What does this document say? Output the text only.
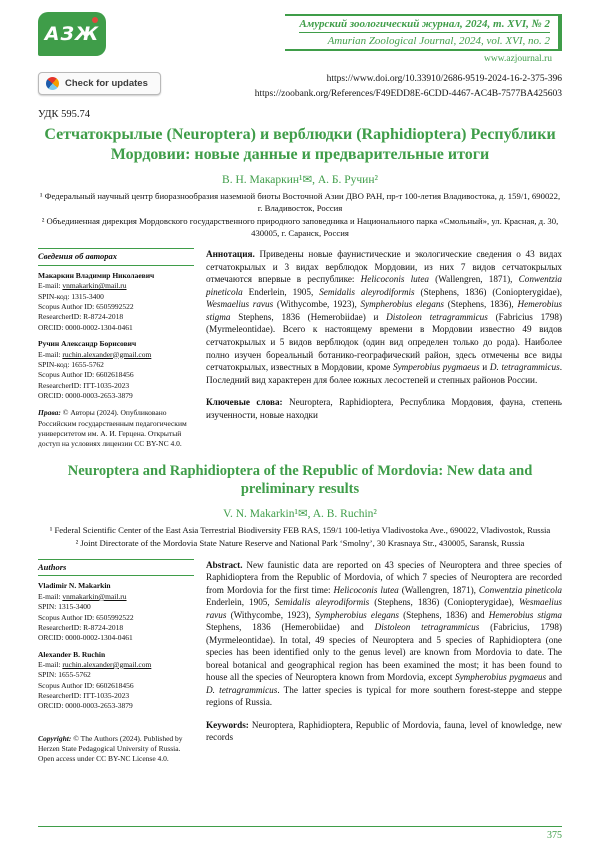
АЗЖ	Амурский зоологический журнал, 2024, т. XVI, № 2
Amurian Zoological Journal, 2024, vol. XVI, no. 2
www.azjournal.ru
Check for updates	https://www.doi.org/10.33910/2686-9519-2024-16-2-375-396
https://zoobank.org/References/F49EDD8E-6CDD-4467-AC4B-7577BA425603
УДК 595.74
Сетчатокрылые (Neuroptera) и верблюдки (Raphidioptera) Республики Мордовии: новые данные и предварительные итоги
В. Н. Макаркин¹✉, А. Б. Ручин²

¹ Федеральный научный центр биоразнообразия наземной биоты Восточной Азии ДВО РАН, пр-т 100-летия Владивостока, д. 159/1, 690022, г. Владивосток, Россия

² Объединенная дирекция Мордовского государственного природного заповедника и Национального парка «Смольный», ул. Красная, д. 30, 430005, г. Саранск, Россия

Сведения об авторах
Макаркин Владимир Николаевич
E-mail: vnmakarkin@mail.ru
SPIN-код: 1315-3400
Scopus Author ID: 6505992522
ResearcherID: R-8724-2018
ORCID: 0000-0002-1304-0461
Ручин Александр Борисович
E-mail: ruchin.alexander@gmail.com
SPIN-код: 1655-5762
Scopus Author ID: 6602618456
ResearcherID: ITT-1035-2023
ORCID: 0000-0003-2653-3879

Права: © Авторы (2024). Опубликовано Российским государственным педагогическим университетом им. А. И. Герцена. Открытый доступ на условиях лицензии CC BY-NC 4.0.

Аннотация. Приведены новые фаунистические и экологические сведения о 43 видах сетчатокрылых и 3 видах верблюдок Мордовии, из них 7 видов сетчатокрылых отмечаются впервые в республике: Helicoconis lutea (Wallengren, 1871), Conwentzia pineticola Enderlein, 1905, Semidalis aleyrodiformis (Stephens, 1836) (Coniopterygidae), Wesmaelius ravus (Withycombe, 1923), Sympherobius elegans (Stephens, 1836), Hemerobius stigma Stephens, 1836 (Hemerobiidae) и Distoleon tetragrammicus (Fabricius 1798) (Myrmeleontidae). Всего к настоящему времени в Мордовии известно 49 видов сетчатокрылых и 5 видов верблюдок (один вид определен только до рода). Наиболее полно изучен бореальный ботанико-географический район, здесь отмечены все виды сетчатокрылых, известных в Мордовии, кроме Symperobius pygmaeus и D. tetragrammicus. Последний вид характерен для более южных лесостепей и степных районов России.

Ключевые слова: Neuroptera, Raphidioptera, Республика Мордовия, фауна, степень изученности, новые находки

Neuroptera and Raphidioptera of the Republic of Mordovia: New data and preliminary results
V. N. Makarkin¹✉, A. B. Ruchin²

¹ Federal Scientific Center of the East Asia Terrestrial Biodiversity FEB RAS, 159/1 100-letiya Vladivostoka Ave., 690022, Vladivostok, Russia

² Joint Directorate of the Mordovia State Nature Reserve and National Park ‘Smolny’, 30 Krasnaya Str., 430005, Saransk, Russia

Authors
Vladimir N. Makarkin
E-mail: vnmakarkin@mail.ru
SPIN: 1315-3400
Scopus Author ID: 6505992522
ResearcherID: R-8724-2018
ORCID: 0000-0002-1304-0461
Alexander B. Ruchin
E-mail: ruchin.alexander@gmail.com
SPIN: 1655-5762
Scopus Author ID: 6602618456
ResearcherID: ITT-1035-2023
ORCID: 0000-0003-2653-3879

Copyright: © The Authors (2024). Published by Herzen State Pedagogical University of Russia. Open access under CC BY-NC License 4.0.

Abstract. New faunistic data are reported on 43 species of Neuroptera and three species of Raphidioptera from the Republic of Mordovia, of which 7 species of Neuroptera are recorded from Mordovia for the first time: Helicoconis lutea (Wallengren, 1871), Conwentzia pineticola Enderlein, 1905, Semidalis aleyrodiformis (Stephens, 1836) (Coniopterygidae), Wesmaelius ravus (Withycombe, 1923), Sympherobius elegans (Stephens, 1836) and Hemerobius stigma Stephens, 1836 (Hemerobiidae) and Distoleon tetragrammicus (Fabricius, 1798) (Myrmeleontidae). In total, 49 species of Neuroptera and 5 species of Raphidioptera (one species has been identified only to the genus level) are known from Mordovia to date. The boreal botanical and geographical region has been examined the most; it has been found to house all the species of Neuroptera known from Mordovia, except Sympherobius pygmaeus and D. tetragrammicus. The latter species is typical for more southern forest-steppe and steppe regions of Russia.

Keywords: Neuroptera, Raphidioptera, Republic of Mordovia, fauna, level of knowledge, new records

375
